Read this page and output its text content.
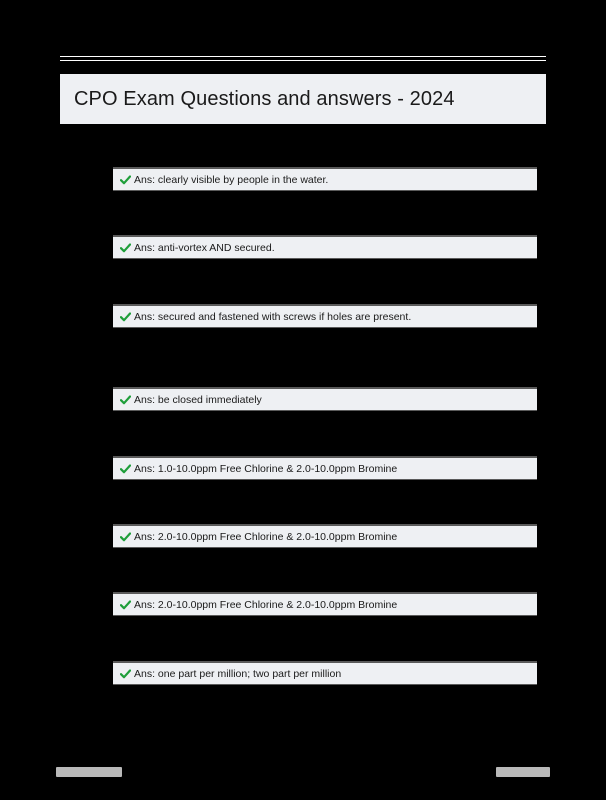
CPO Exam Questions and answers - 2024
Ans: clearly visible by people in the water.
Ans: anti-vortex AND secured.
Ans: secured and fastened with screws if holes are present.
Ans: be closed immediately
Ans: 1.0-10.0ppm Free Chlorine & 2.0-10.0ppm Bromine
Ans: 2.0-10.0ppm Free Chlorine & 2.0-10.0ppm Bromine
Ans: 2.0-10.0ppm Free Chlorine & 2.0-10.0ppm Bromine
Ans: one part per million; two part per million
